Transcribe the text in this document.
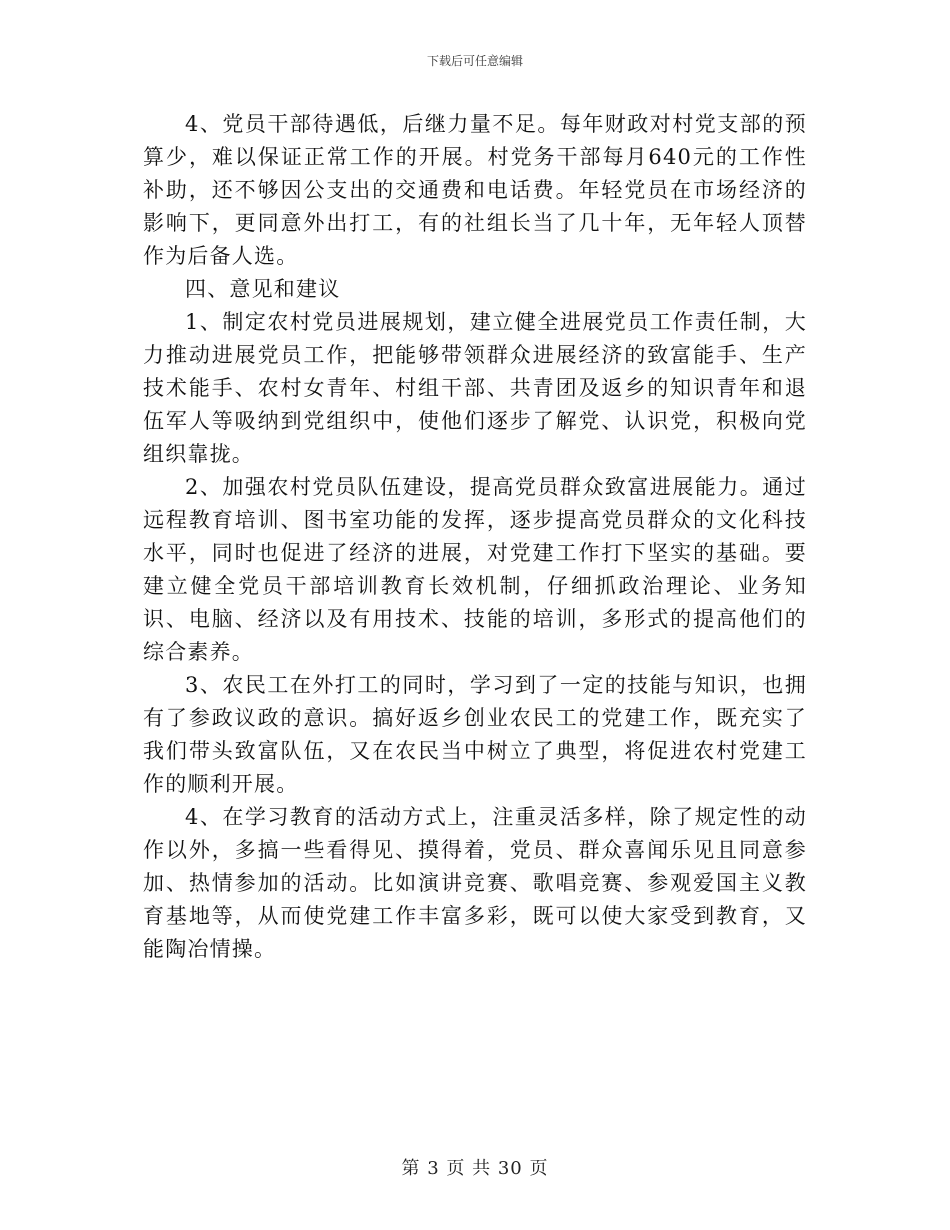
下载后可任意编辑

4、党员干部待遇低，后继力量不足。每年财政对村党支部的预算少，难以保证正常工作的开展。村党务干部每月640元的工作性补助，还不够因公支出的交通费和电话费。年轻党员在市场经济的影响下，更同意外出打工，有的社组长当了几十年，无年轻人顶替作为后备人选。

四、意见和建议

1、制定农村党员进展规划，建立健全进展党员工作责任制，大力推动进展党员工作，把能够带领群众进展经济的致富能手、生产技术能手、农村女青年、村组干部、共青团及返乡的知识青年和退伍军人等吸纳到党组织中，使他们逐步了解党、认识党，积极向党组织靠拢。

2、加强农村党员队伍建设，提高党员群众致富进展能力。通过远程教育培训、图书室功能的发挥，逐步提高党员群众的文化科技水平，同时也促进了经济的进展，对党建工作打下坚实的基础。要建立健全党员干部培训教育长效机制，仔细抓政治理论、业务知识、电脑、经济以及有用技术、技能的培训，多形式的提高他们的综合素养。

3、农民工在外打工的同时，学习到了一定的技能与知识，也拥有了参政议政的意识。搞好返乡创业农民工的党建工作，既充实了我们带头致富队伍，又在农民当中树立了典型，将促进农村党建工作的顺利开展。

4、在学习教育的活动方式上，注重灵活多样，除了规定性的动作以外，多搞一些看得见、摸得着，党员、群众喜闻乐见且同意参加、热情参加的活动。比如演讲竞赛、歌唱竞赛、参观爱国主义教育基地等，从而使党建工作丰富多彩，既可以使大家受到教育，又能陶冶情操。

第 3 页 共 30 页
